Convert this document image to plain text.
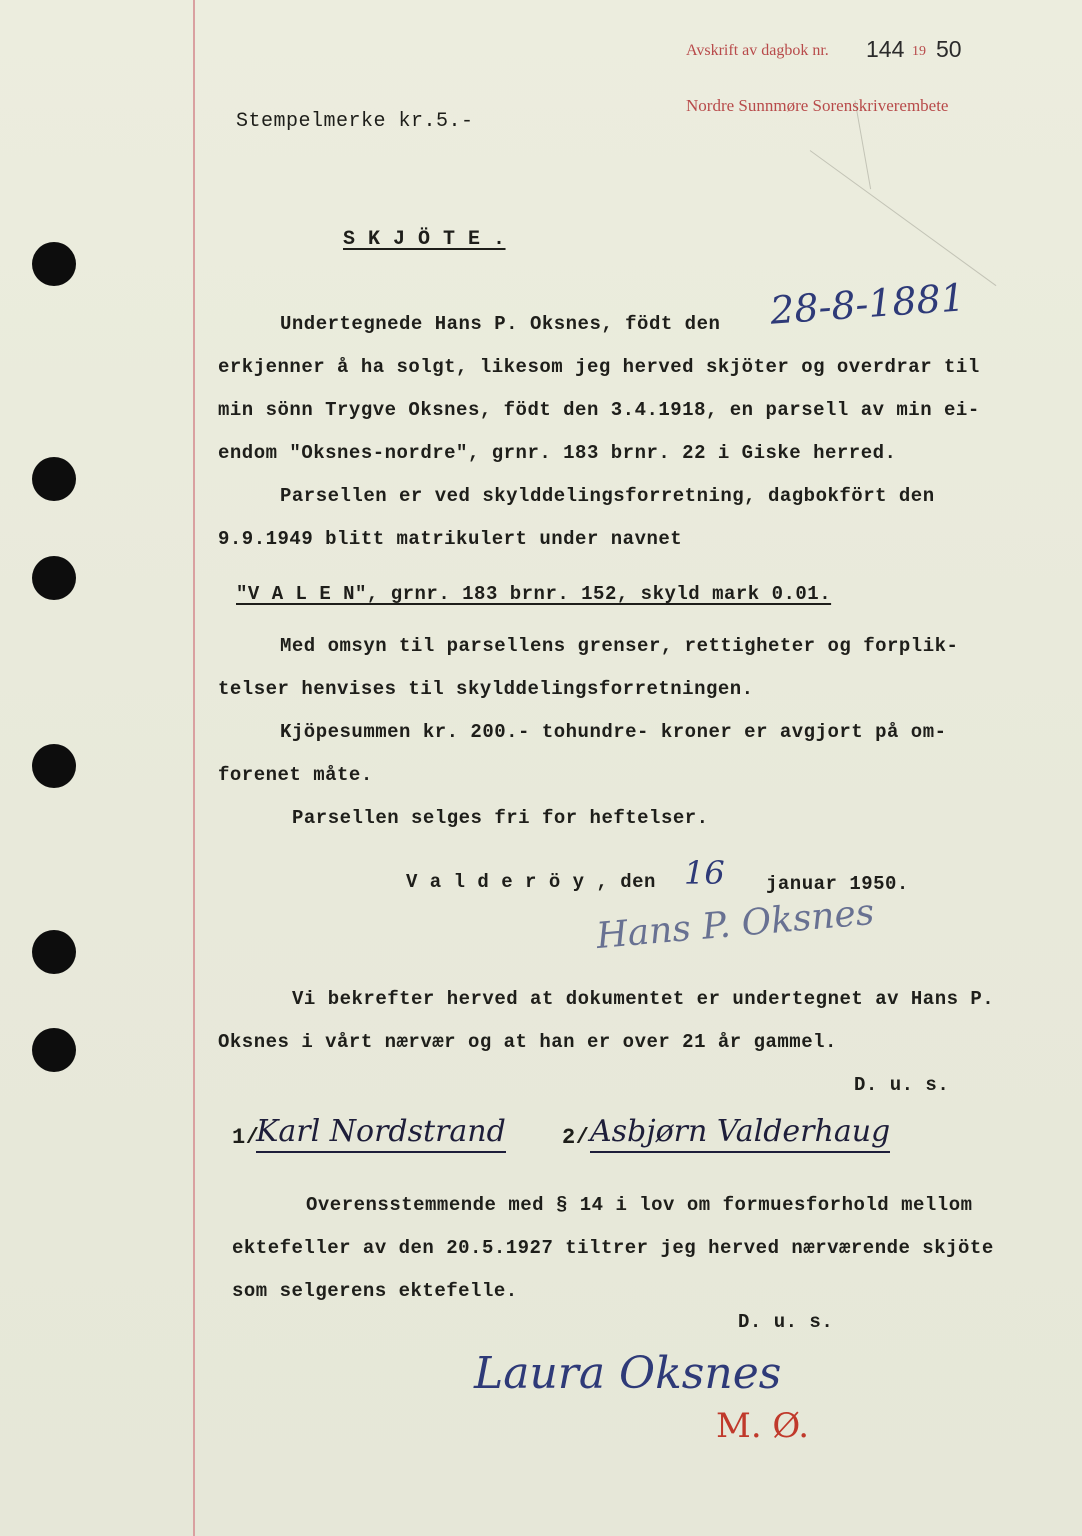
Avskrift av dagbok nr. 144 19 50
Nordre Sunnmøre Sorenskriverembete
Stempelmerke kr.5.-
S K J Ö T E .
Undertegnede Hans P. Oksnes, födt den 28-8-1881
erkjenner å ha solgt, likesom jeg herved skjöter og overdrar til
min sönn Trygve Oksnes, födt den 3.4.1918, en parsell av min ei-
endom "Oksnes-nordre", grnr. 183 brnr. 22 i Giske herred.
Parsellen er ved skylddelingsforretning, dagbokfört den
9.9.1949 blitt matrikulert under navnet
"V A L E N", grnr. 183 brnr. 152, skyld mark 0.01.
Med omsyn til parsellens grenser, rettigheter og forplik-
telser henvises til skylddelingsforretningen.
Kjöpesummen kr. 200.- tohundre- kroner er avgjort på om-
forenet måte.
Parsellen selges fri for heftelser.
V a l d e r ö y , den 16 januar 1950.
Hans P. Oksnes
Vi bekrefter herved at dokumentet er undertegnet av Hans P.
Oksnes i vårt nærvær og at han er over 21 år gammel.
D. u. s.
1/
Karl Nordstrand	2/ Asbjørn Valderhaug
Overensstemmende med § 14 i lov om formuesforhold mellom
ektefeller av den 20.5.1927 tiltrer jeg herved nærværende skjöte
som selgerens ektefelle.
D. u. s.
Laura Oksnes
M. Ø.
